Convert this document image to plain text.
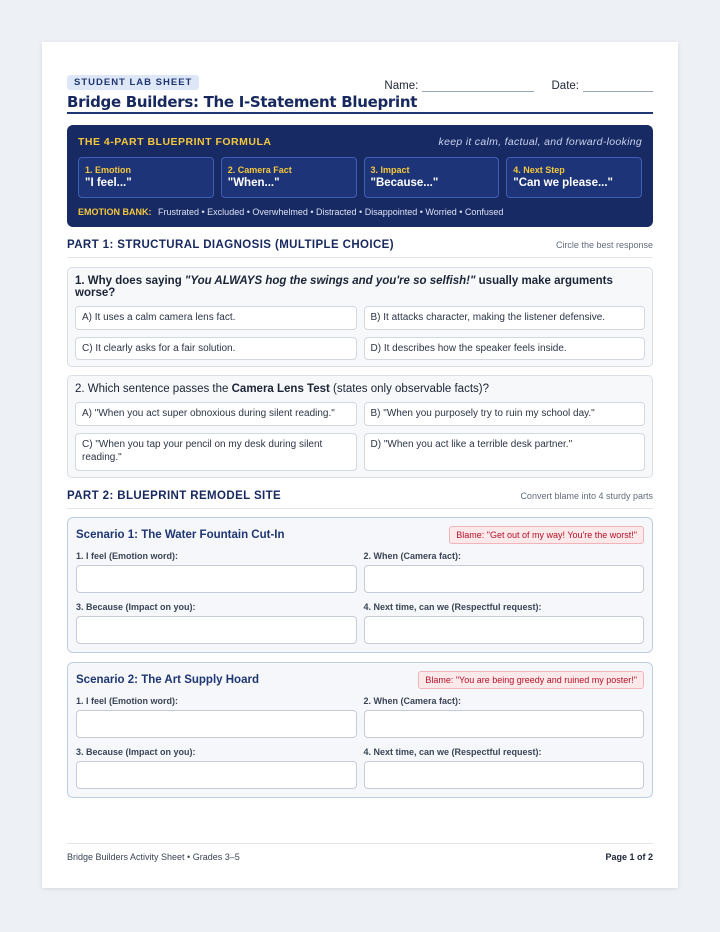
STUDENT LAB SHEET
Bridge Builders: The I-Statement Blueprint
Name:	Date:
THE 4-PART BLUEPRINT FORMULA	keep it calm, factual, and forward-looking
1. Emotion
"I feel..."
2. Camera Fact
"When..."
3. Impact
"Because..."
4. Next Step
"Can we please..."
EMOTION BANK: Frustrated • Excluded • Overwhelmed • Distracted • Disappointed • Worried • Confused
PART 1: STRUCTURAL DIAGNOSIS (MULTIPLE CHOICE)	Circle the best response
1. Why does saying "You ALWAYS hog the swings and you're so selfish!" usually make arguments worse?
A) It uses a calm camera lens fact.	B) It attacks character, making the listener defensive.
C) It clearly asks for a fair solution.	D) It describes how the speaker feels inside.
2. Which sentence passes the Camera Lens Test (states only observable facts)?
A) "When you act super obnoxious during silent reading."	B) "When you purposely try to ruin my school day."
C) "When you tap your pencil on my desk during silent reading."
D) "When you act like a terrible desk partner."
PART 2: BLUEPRINT REMODEL SITE	Convert blame into 4 sturdy parts
Scenario 1: The Water Fountain Cut-In	Blame: "Get out of my way! You're the worst!"
1. I feel (Emotion word):	2. When (Camera fact):
3. Because (Impact on you):	4. Next time, can we (Respectful request):
Scenario 2: The Art Supply Hoard	Blame: "You are being greedy and ruined my poster!"
1. I feel (Emotion word):	2. When (Camera fact):
3. Because (Impact on you):	4. Next time, can we (Respectful request):
Bridge Builders Activity Sheet • Grades 3–5	Page 1 of 2
